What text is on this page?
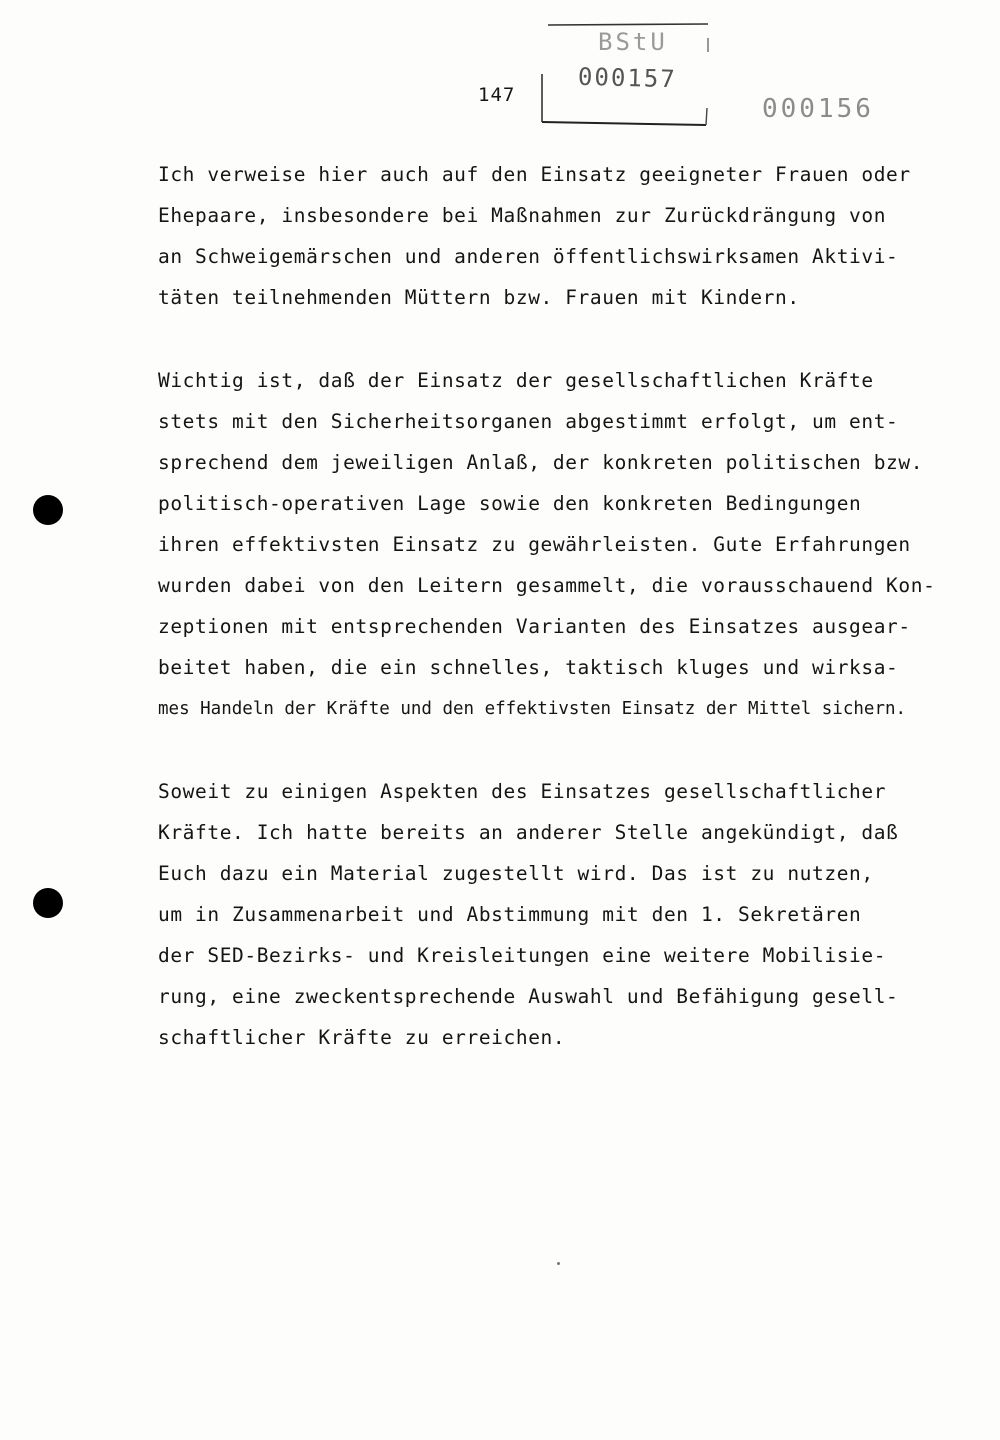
147
BStU
000157
000156
Ich verweise hier auch auf den Einsatz geeigneter Frauen oder
Ehepaare, insbesondere bei Maßnahmen zur Zurückdrängung von
an Schweigemärschen und anderen öffentlichswirksamen Aktivi-
täten teilnehmenden Müttern bzw. Frauen mit Kindern.
Wichtig ist, daß der Einsatz der gesellschaftlichen Kräfte
stets mit den Sicherheitsorganen abgestimmt erfolgt, um ent-
sprechend dem jeweiligen Anlaß, der konkreten politischen bzw.
politisch-operativen Lage sowie den konkreten Bedingungen
ihren effektivsten Einsatz zu gewährleisten. Gute Erfahrungen
wurden dabei von den Leitern gesammelt, die vorausschauend Kon-
zeptionen mit entsprechenden Varianten des Einsatzes ausgear-
beitet haben, die ein schnelles, taktisch kluges und wirksa-
mes Handeln der Kräfte und den effektivsten Einsatz der Mittel sichern.
Soweit zu einigen Aspekten des Einsatzes gesellschaftlicher
Kräfte. Ich hatte bereits an anderer Stelle angekündigt, daß
Euch dazu ein Material zugestellt wird. Das ist zu nutzen,
um in Zusammenarbeit und Abstimmung mit den 1. Sekretären
der SED-Bezirks- und Kreisleitungen eine weitere Mobilisie-
rung, eine zweckentsprechende Auswahl und Befähigung gesell-
schaftlicher Kräfte zu erreichen.
